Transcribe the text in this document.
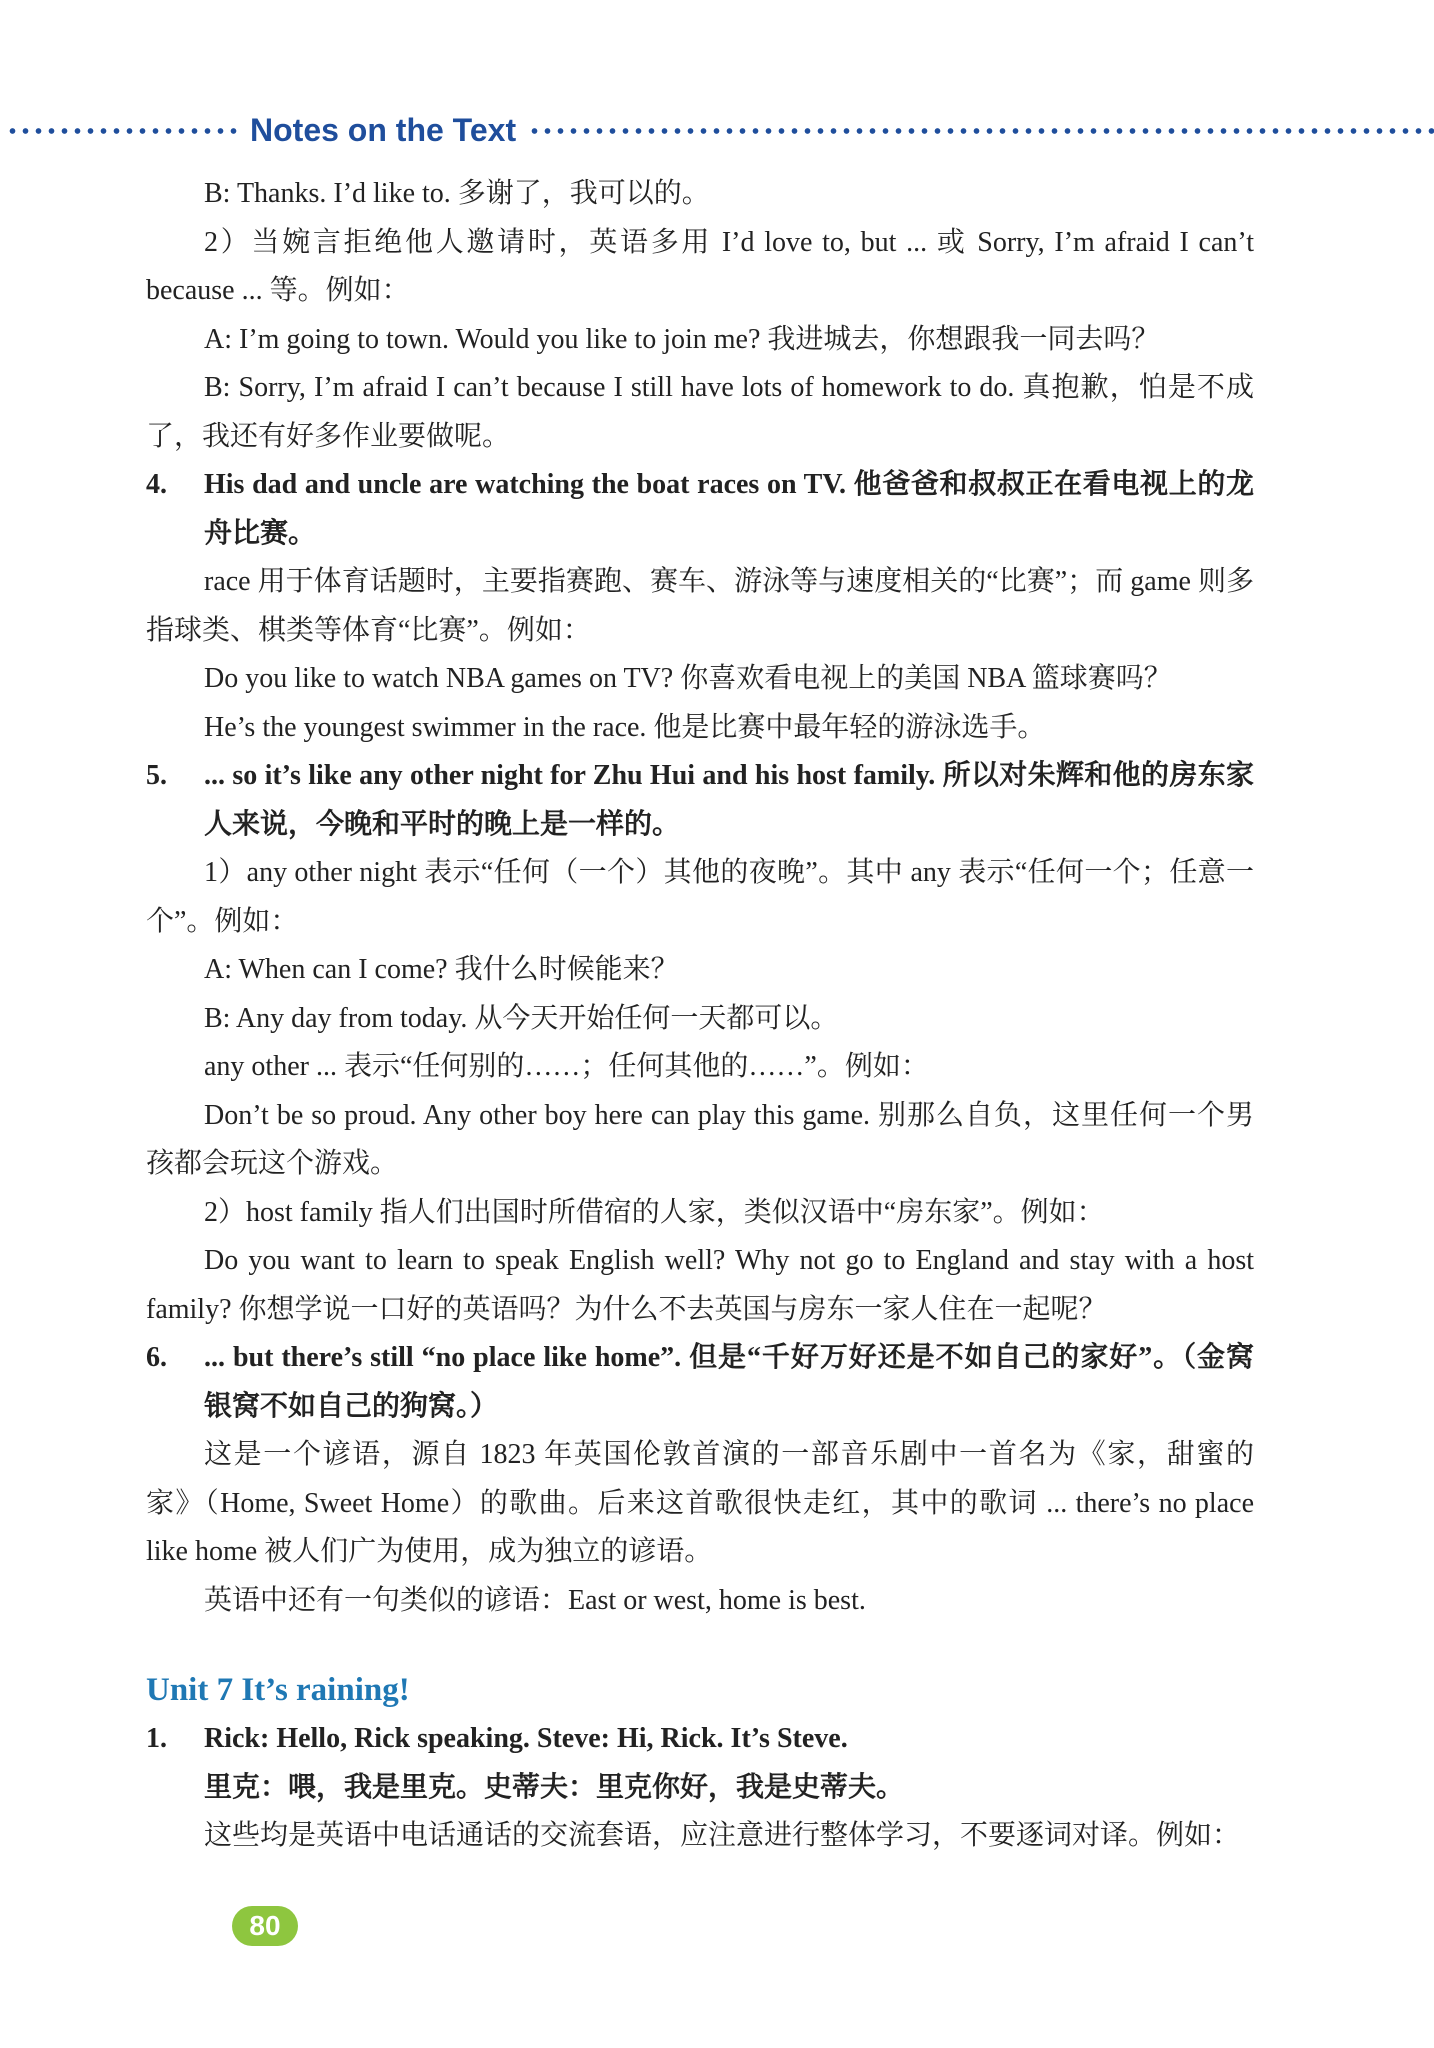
Notes on the Text

B: Thanks. I’d like to. 多谢了，我可以的。

2）当婉言拒绝他人邀请时，英语多用 I’d love to, but ... 或 Sorry, I’m afraid I can’t because ... 等。例如：

A: I’m going to town. Would you like to join me? 我进城去，你想跟我一同去吗？

B: Sorry, I’m afraid I can’t because I still have lots of homework to do. 真抱歉，怕是不成了，我还有好多作业要做呢。

4. His dad and uncle are watching the boat races on TV. 他爸爸和叔叔正在看电视上的龙舟比赛。

race 用于体育话题时，主要指赛跑、赛车、游泳等与速度相关的“比赛”；而 game 则多指球类、棋类等体育“比赛”。例如：

Do you like to watch NBA games on TV? 你喜欢看电视上的美国 NBA 篮球赛吗？

He’s the youngest swimmer in the race. 他是比赛中最年轻的游泳选手。

5. ... so it’s like any other night for Zhu Hui and his host family. 所以对朱辉和他的房东家人来说，今晚和平时的晚上是一样的。

1）any other night 表示“任何（一个）其他的夜晚”。其中 any 表示“任何一个；任意一个”。例如：

A: When can I come? 我什么时候能来？

B: Any day from today. 从今天开始任何一天都可以。

any other ... 表示“任何别的……；任何其他的……”。例如：

Don’t be so proud. Any other boy here can play this game. 别那么自负，这里任何一个男孩都会玩这个游戏。

2）host family 指人们出国时所借宿的人家，类似汉语中“房东家”。例如：

Do you want to learn to speak English well? Why not go to England and stay with a host family? 你想学说一口好的英语吗？为什么不去英国与房东一家人住在一起呢？

6. ... but there’s still “no place like home”. 但是“千好万好还是不如自己的家好”。（金窝银窝不如自己的狗窝。）

这是一个谚语，源自 1823 年英国伦敦首演的一部音乐剧中一首名为《家，甜蜜的家》（Home, Sweet Home）的歌曲。后来这首歌很快走红，其中的歌词 ... there’s no place like home 被人们广为使用，成为独立的谚语。

英语中还有一句类似的谚语：East or west, home is best.

Unit 7 It’s raining!

1. Rick: Hello, Rick speaking. Steve: Hi, Rick. It’s Steve.

里克：喂，我是里克。史蒂夫：里克你好，我是史蒂夫。

这些均是英语中电话通话的交流套语，应注意进行整体学习，不要逐词对译。例如：

80
